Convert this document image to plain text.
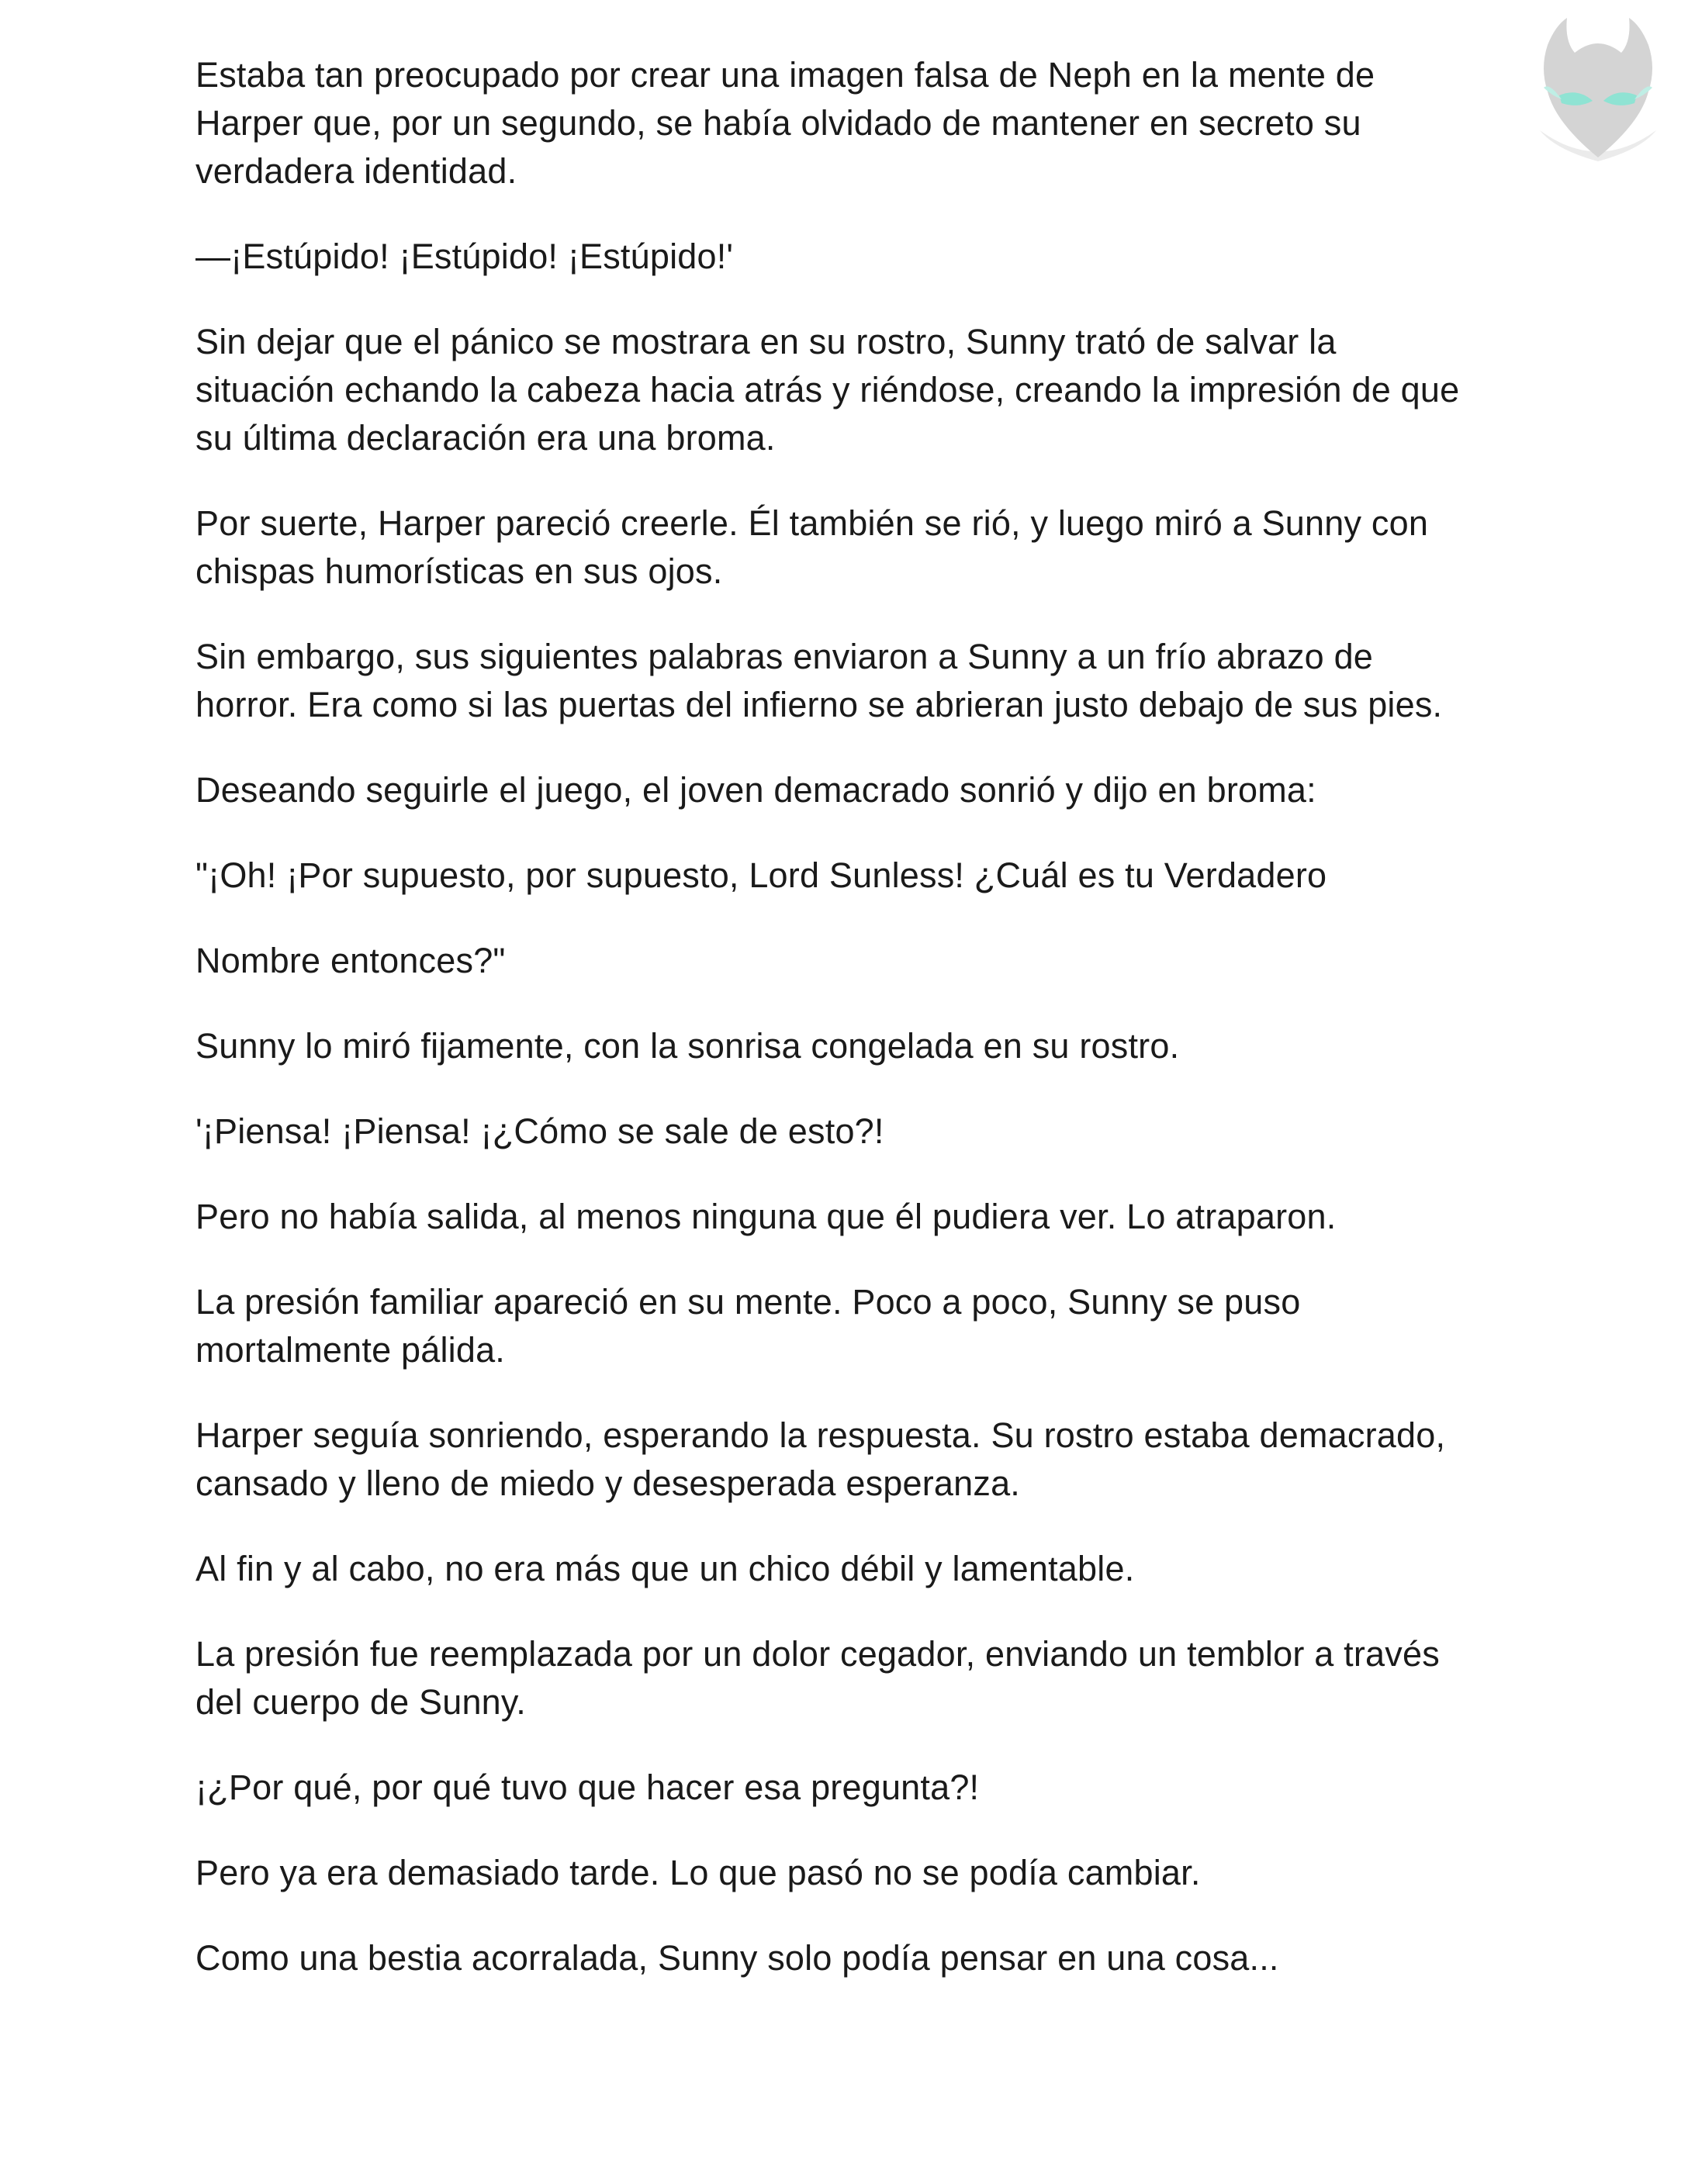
Estaba tan preocupado por crear una imagen falsa de Neph en la mente de Harper que, por un segundo, se había olvidado de mantener en secreto su verdadera identidad.

—¡Estúpido! ¡Estúpido! ¡Estúpido!'

Sin dejar que el pánico se mostrara en su rostro, Sunny trató de salvar la situación echando la cabeza hacia atrás y riéndose, creando la impresión de que su última declaración era una broma.

Por suerte, Harper pareció creerle. Él también se rió, y luego miró a Sunny con chispas humorísticas en sus ojos.

Sin embargo, sus siguientes palabras enviaron a Sunny a un frío abrazo de horror. Era como si las puertas del infierno se abrieran justo debajo de sus pies.

Deseando seguirle el juego, el joven demacrado sonrió y dijo en broma:

"¡Oh! ¡Por supuesto, por supuesto, Lord Sunless! ¿Cuál es tu Verdadero

Nombre entonces?"

Sunny lo miró fijamente, con la sonrisa congelada en su rostro.

'¡Piensa! ¡Piensa! ¡¿Cómo se sale de esto?!

Pero no había salida, al menos ninguna que él pudiera ver. Lo atraparon.

La presión familiar apareció en su mente. Poco a poco, Sunny se puso mortalmente pálida.

Harper seguía sonriendo, esperando la respuesta. Su rostro estaba demacrado, cansado y lleno de miedo y desesperada esperanza.

Al fin y al cabo, no era más que un chico débil y lamentable.

La presión fue reemplazada por un dolor cegador, enviando un temblor a través del cuerpo de Sunny.

¡¿Por qué, por qué tuvo que hacer esa pregunta?!

Pero ya era demasiado tarde. Lo que pasó no se podía cambiar.

Como una bestia acorralada, Sunny solo podía pensar en una cosa...
